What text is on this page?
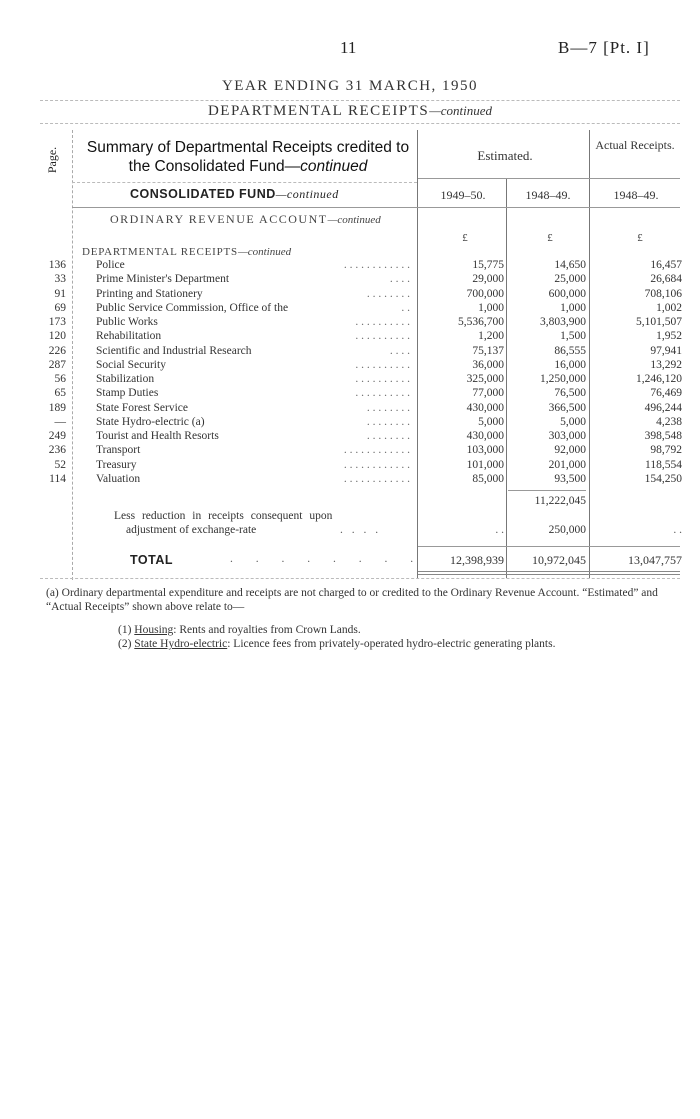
11	B—7 [Pt. I]
YEAR ENDING 31 MARCH, 1950
DEPARTMENTAL RECEIPTS—continued
Page.	Summary of Departmental Receipts credited to the Consolidated Fund—continued
Estimated.
Actual Receipts.
CONSOLIDATED FUND—continued	1949–50.	1948–49.	1948–49.
ORDINARY REVENUE ACCOUNT—continued
£	£	£
DEPARTMENTAL RECEIPTS—continued
136	Police	. . . . . . . . . . . .	15,775	14,650	16,457
33	Prime Minister's Department	. . . .	29,000	25,000	26,684
91	Printing and Stationery	. . . . . . . .	700,000	600,000	708,106
69	Public Service Commission, Office of the	. .	1,000	1,000	1,002
173	Public Works	. . . . . . . . . .	5,536,700	3,803,900	5,101,507
120	Rehabilitation	. . . . . . . . . .	1,200	1,500	1,952
226	Scientific and Industrial Research	. . . .	75,137	86,555	97,941
287	Social Security	. . . . . . . . . .	36,000	16,000	13,292
56	Stabilization	. . . . . . . . . .	325,000	1,250,000	1,246,120
65	Stamp Duties	. . . . . . . . . .	77,000	76,500	76,469
189	State Forest Service	. . . . . . . .	430,000	366,500	496,244
—	State Hydro-electric (a)	. . . . . . . .	5,000	5,000	4,238
249	Tourist and Health Resorts	. . . . . . . .	430,000	303,000	398,548
236	Transport	. . . . . . . . . . . .	103,000	92,000	98,792
52	Treasury	. . . . . . . . . . . .	101,000	201,000	118,554
114	Valuation	. . . . . . . . . . . .	85,000	93,500	154,250
11,222,045
Less reduction in receipts consequent upon
adjustment of exchange-rate	. . . .	. .	250,000	. .
TOTAL	. . . . . . . .	12,398,939	10,972,045	13,047,757
(a) Ordinary departmental expenditure and receipts are not charged to or credited to the Ordinary Revenue Account. “Estimated” and “Actual Receipts” shown above relate to—
(1) Housing: Rents and royalties from Crown Lands.
(2) State Hydro-electric: Licence fees from privately-operated hydro-electric generating plants.
